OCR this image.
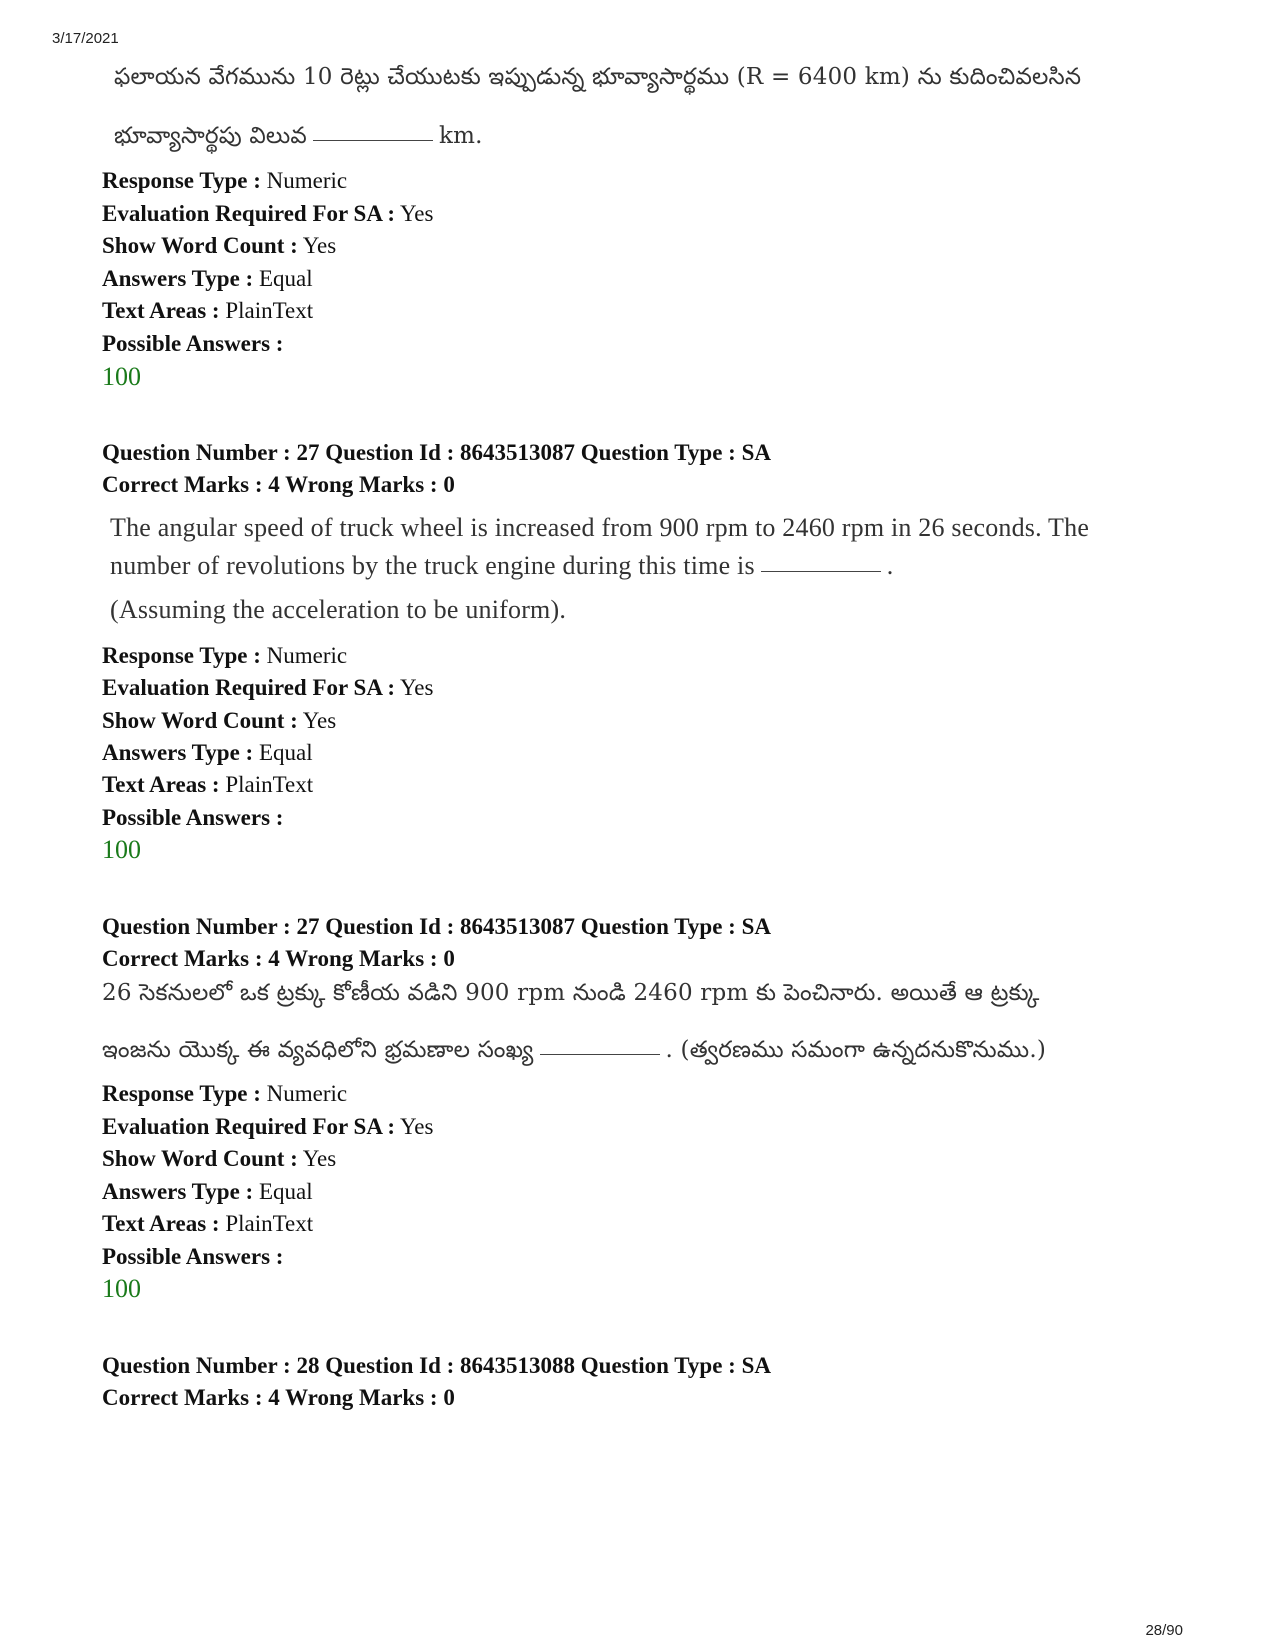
3/17/2021
ఫలాయన వేగమును 10 రెట్లు చేయుటకు ఇప్పుడున్న భూవ్యాసార్థము (R = 6400 km) ను కుదించివలసిన
భూవ్యాసార్థపు విలువ	km.
Response Type : Numeric
Evaluation Required For SA : Yes
Show Word Count : Yes
Answers Type : Equal
Text Areas : PlainText
Possible Answers :
100
Question Number : 27 Question Id : 8643513087 Question Type : SA
Correct Marks : 4 Wrong Marks : 0
The angular speed of truck wheel is increased from 900 rpm to 2460 rpm in 26 seconds. The
number of revolutions by the truck engine during this time is	.
(Assuming the acceleration to be uniform).
Response Type : Numeric
Evaluation Required For SA : Yes
Show Word Count : Yes
Answers Type : Equal
Text Areas : PlainText
Possible Answers :
100
Question Number : 27 Question Id : 8643513087 Question Type : SA
Correct Marks : 4 Wrong Marks : 0
26 సెకనులలో ఒక ట్రక్కు కోణీయ వడిని 900 rpm నుండి 2460 rpm కు పెంచినారు. అయితే ఆ ట్రక్కు
ఇంజను యొక్క ఈ వ్యవధిలోని భ్రమణాల సంఖ్య	. (త్వరణము సమంగా ఉన్నదనుకొనుము.)
Response Type : Numeric
Evaluation Required For SA : Yes
Show Word Count : Yes
Answers Type : Equal
Text Areas : PlainText
Possible Answers :
100
Question Number : 28 Question Id : 8643513088 Question Type : SA
Correct Marks : 4 Wrong Marks : 0
28/90
